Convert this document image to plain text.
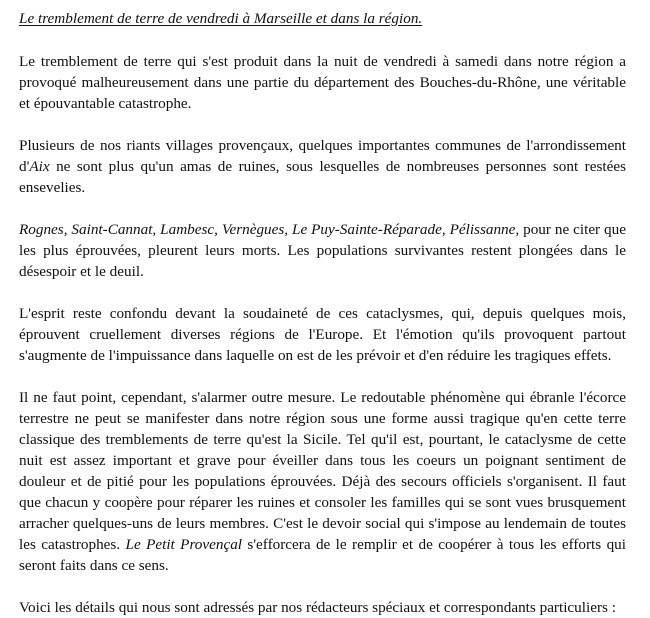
Le tremblement de terre de vendredi à Marseille et dans la région.

Le tremblement de terre qui s'est produit dans la nuit de vendredi à samedi dans notre région a provoqué malheureusement dans une partie du département des Bouches-du-Rhône, une véritable et épouvantable catastrophe.

Plusieurs de nos riants villages provençaux, quelques importantes communes de l'arrondissement d'Aix ne sont plus qu'un amas de ruines, sous lesquelles de nombreuses personnes sont restées ensevelies.

Rognes, Saint-Cannat, Lambesc, Vernègues, Le Puy-Sainte-Réparade, Pélissanne, pour ne citer que les plus éprouvées, pleurent leurs morts. Les populations survivantes restent plongées dans le désespoir et le deuil.

L'esprit reste confondu devant la soudaineté de ces cataclysmes, qui, depuis quelques mois, éprouvent cruellement diverses régions de l'Europe. Et l'émotion qu'ils provoquent partout s'augmente de l'impuissance dans laquelle on est de les prévoir et d'en réduire les tragiques effets.

Il ne faut point, cependant, s'alarmer outre mesure. Le redoutable phénomène qui ébranle l'écorce terrestre ne peut se manifester dans notre région sous une forme aussi tragique qu'en cette terre classique des tremblements de terre qu'est la Sicile. Tel qu'il est, pourtant, le cataclysme de cette nuit est assez important et grave pour éveiller dans tous les coeurs un poignant sentiment de douleur et de pitié pour les populations éprouvées. Déjà des secours officiels s'organisent. Il faut que chacun y coopère pour réparer les ruines et consoler les familles qui se sont vues brusquement arracher quelques-uns de leurs membres. C'est le devoir social qui s'impose au lendemain de toutes les catastrophes. Le Petit Provençal s'efforcera de le remplir et de coopérer à tous les efforts qui seront faits dans ce sens.

Voici les détails qui nous sont adressés par nos rédacteurs spéciaux et correspondants particuliers :
